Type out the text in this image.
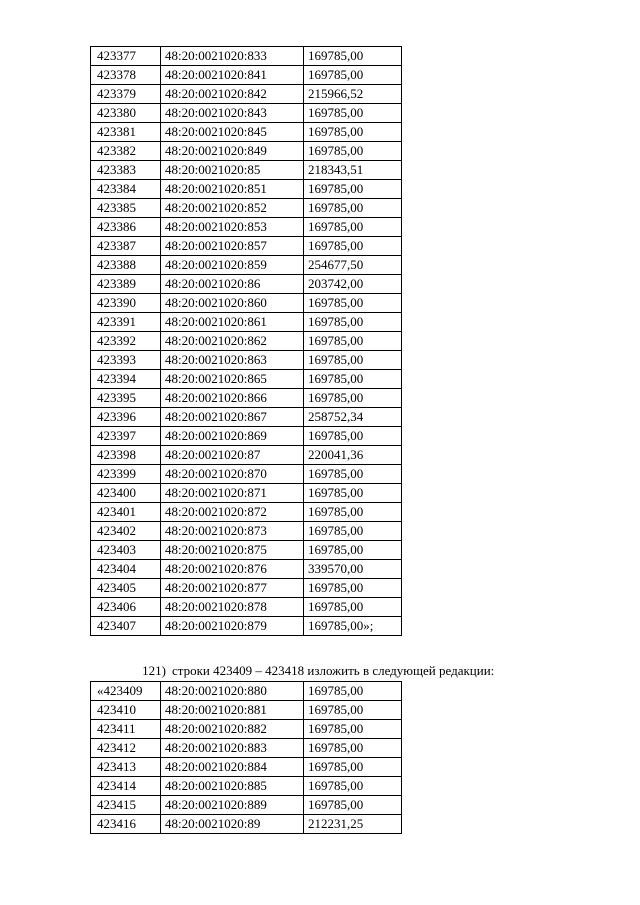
423377	48:20:0021020:833	169785,00
423378	48:20:0021020:841	169785,00
423379	48:20:0021020:842	215966,52
423380	48:20:0021020:843	169785,00
423381	48:20:0021020:845	169785,00
423382	48:20:0021020:849	169785,00
423383	48:20:0021020:85	218343,51
423384	48:20:0021020:851	169785,00
423385	48:20:0021020:852	169785,00
423386	48:20:0021020:853	169785,00
423387	48:20:0021020:857	169785,00
423388	48:20:0021020:859	254677,50
423389	48:20:0021020:86	203742,00
423390	48:20:0021020:860	169785,00
423391	48:20:0021020:861	169785,00
423392	48:20:0021020:862	169785,00
423393	48:20:0021020:863	169785,00
423394	48:20:0021020:865	169785,00
423395	48:20:0021020:866	169785,00
423396	48:20:0021020:867	258752,34
423397	48:20:0021020:869	169785,00
423398	48:20:0021020:87	220041,36
423399	48:20:0021020:870	169785,00
423400	48:20:0021020:871	169785,00
423401	48:20:0021020:872	169785,00
423402	48:20:0021020:873	169785,00
423403	48:20:0021020:875	169785,00
423404	48:20:0021020:876	339570,00
423405	48:20:0021020:877	169785,00
423406	48:20:0021020:878	169785,00
423407	48:20:0021020:879	169785,00»;
121) строки 423409 – 423418 изложить в следующей редакции:
«423409	48:20:0021020:880	169785,00
423410	48:20:0021020:881	169785,00
423411	48:20:0021020:882	169785,00
423412	48:20:0021020:883	169785,00
423413	48:20:0021020:884	169785,00
423414	48:20:0021020:885	169785,00
423415	48:20:0021020:889	169785,00
423416	48:20:0021020:89	212231,25
